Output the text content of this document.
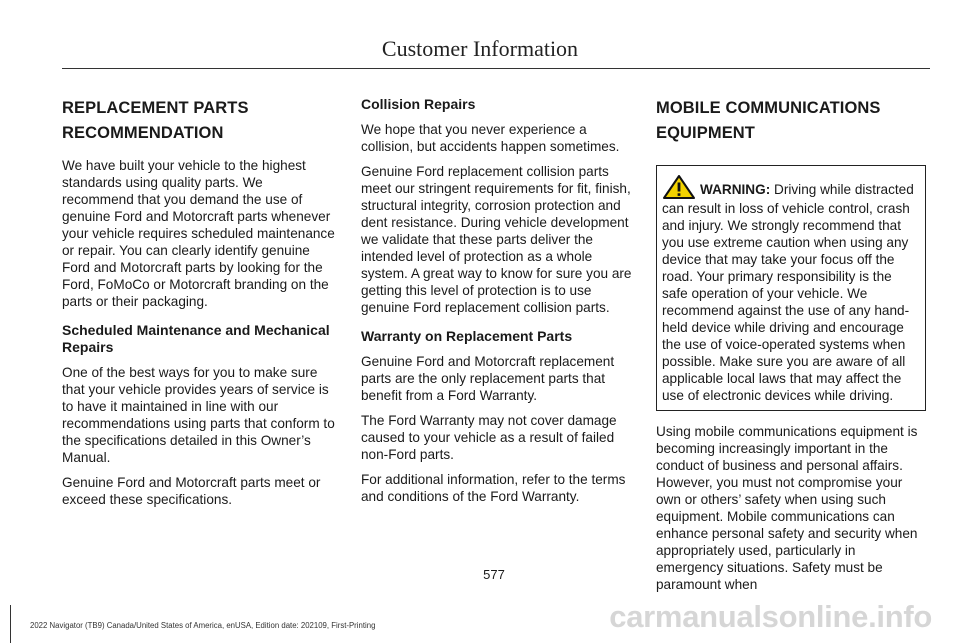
Customer Information
REPLACEMENT PARTS
RECOMMENDATION

We have built your vehicle to the highest standards using quality parts. We recommend that you demand the use of genuine Ford and Motorcraft parts whenever your vehicle requires scheduled maintenance or repair. You can clearly identify genuine Ford and Motorcraft parts by looking for the Ford, FoMoCo or Motorcraft branding on the parts or their packaging.

Scheduled Maintenance and Mechanical Repairs

One of the best ways for you to make sure that your vehicle provides years of service is to have it maintained in line with our recommendations using parts that conform to the specifications detailed in this Owner’s Manual.

Genuine Ford and Motorcraft parts meet or exceed these specifications.

Collision Repairs

We hope that you never experience a collision, but accidents happen sometimes.

Genuine Ford replacement collision parts meet our stringent requirements for fit, finish, structural integrity, corrosion protection and dent resistance. During vehicle development we validate that these parts deliver the intended level of protection as a whole system. A great way to know for sure you are getting this level of protection is to use genuine Ford replacement collision parts.

Warranty on Replacement Parts

Genuine Ford and Motorcraft replacement parts are the only replacement parts that benefit from a Ford Warranty.

The Ford Warranty may not cover damage caused to your vehicle as a result of failed non-Ford parts.

For additional information, refer to the terms and conditions of the Ford Warranty.

MOBILE COMMUNICATIONS
EQUIPMENT
WARNING: Driving while distracted can result in loss of vehicle control, crash and injury. We strongly recommend that you use extreme caution when using any device that may take your focus off the road. Your primary responsibility is the safe operation of your vehicle. We recommend against the use of any hand-held device while driving and encourage the use of voice-operated systems when possible. Make sure you are aware of all applicable local laws that may affect the use of electronic devices while driving.

Using mobile communications equipment is becoming increasingly important in the conduct of business and personal affairs. However, you must not compromise your own or others’ safety when using such equipment. Mobile communications can enhance personal safety and security when appropriately used, particularly in emergency situations. Safety must be paramount when

577
2022 Navigator (TB9) Canada/United States of America, enUSA, Edition date: 202109, First-Printing	carmanualsonline.info
